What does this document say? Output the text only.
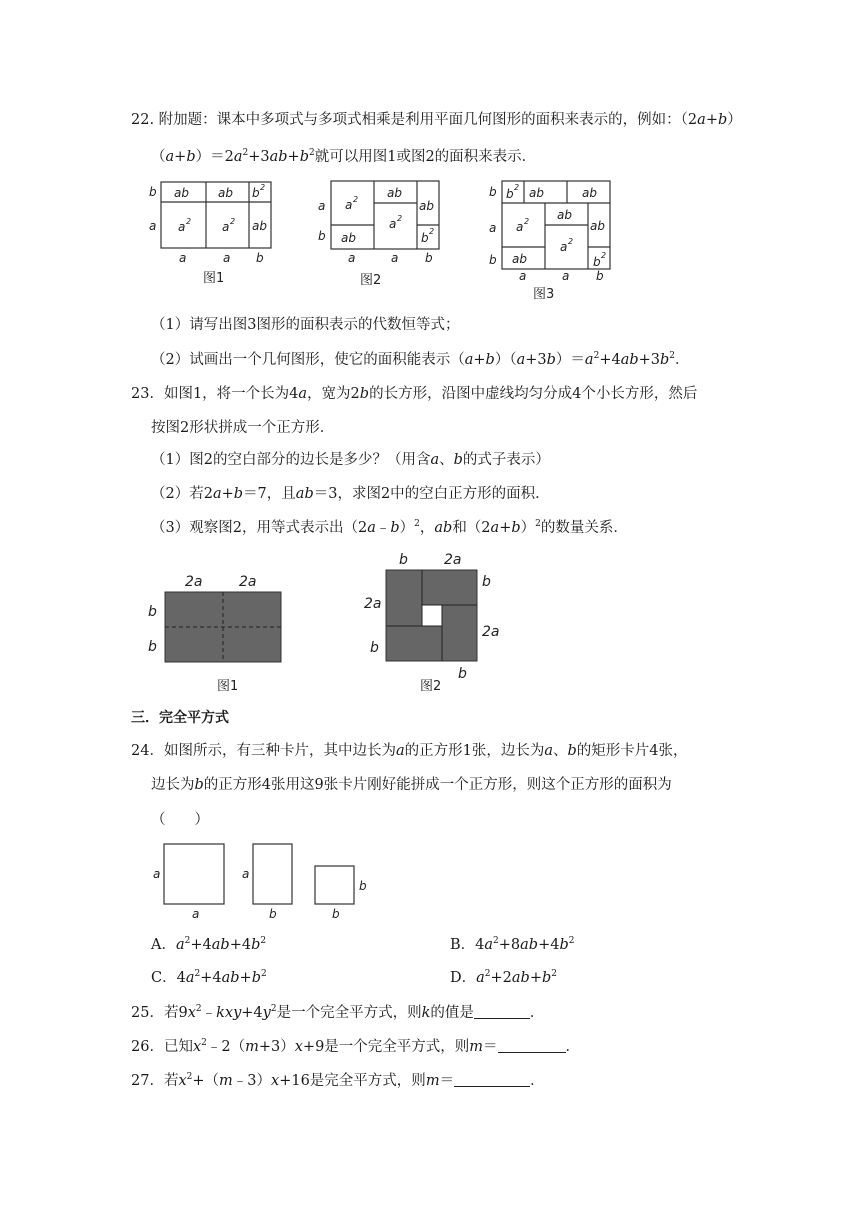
22. 附加题：课本中多项式与多项式相乘是利用平面几何图形的面积来表示的，例如：（2a+b）
$(a+b)=2a^2+3ab+b^2$就可以用图1或图2的面积来表示．
b
a
ab ab b 2
a 2	a 2 ab
a	a b
图1
a
b
a 2
ab
ab
a 2
ab
b 2
a	a b
图2
b
a
b
b 2 ab	ab
a 2
ab
ab
a 2
ab
b 2
a	a b
图3
（1）请写出图3图形的面积表示的代数恒等式；
（2）试画出一个几何图形，使它的面积能表示$(a+b)(a+3b)=a^2+4ab+3b^2$．
23．如图1，将一个长为4a，宽为2b的长方形，沿图中虚线均匀分成4个小长方形，然后
按图2形状拼成一个正方形．
（1）图2的空白部分的边长是多少？（用含a、b的式子表示）
（2）若2a+b＝7，且ab＝3，求图2中的空白正方形的面积．
（3）观察图2，用等式表示出（2a﹣b）$^2$，ab和$(2a+b)^2$的数量关系．
2a	2a
b
b
图1
b	2a
b
2a
2a
b
b
图2
三．完全平方式
24．如图所示，有三种卡片，其中边长为a的正方形1张，边长为a、b的矩形卡片4张，
边长为b的正方形4张用这9张卡片刚好能拼成一个正方形，则这个正方形的面积为
（　　）
a
a
a
b
b
b
A．$a^2+4ab+4b^2$	B．$4a^2+8ab+4b^2$
C．$4a^2+4ab+b^2$	D．$a^2+2ab+b^2$
25．若$9x^2﹣kxy+4y^2$是一个完全平方式，则k的值是	．
26．已知$x^2﹣2(m+3)x+9$是一个完全平方式，则m＝	．
27．若$x^2+(m﹣3)x+16$是完全平方式，则m＝	．
